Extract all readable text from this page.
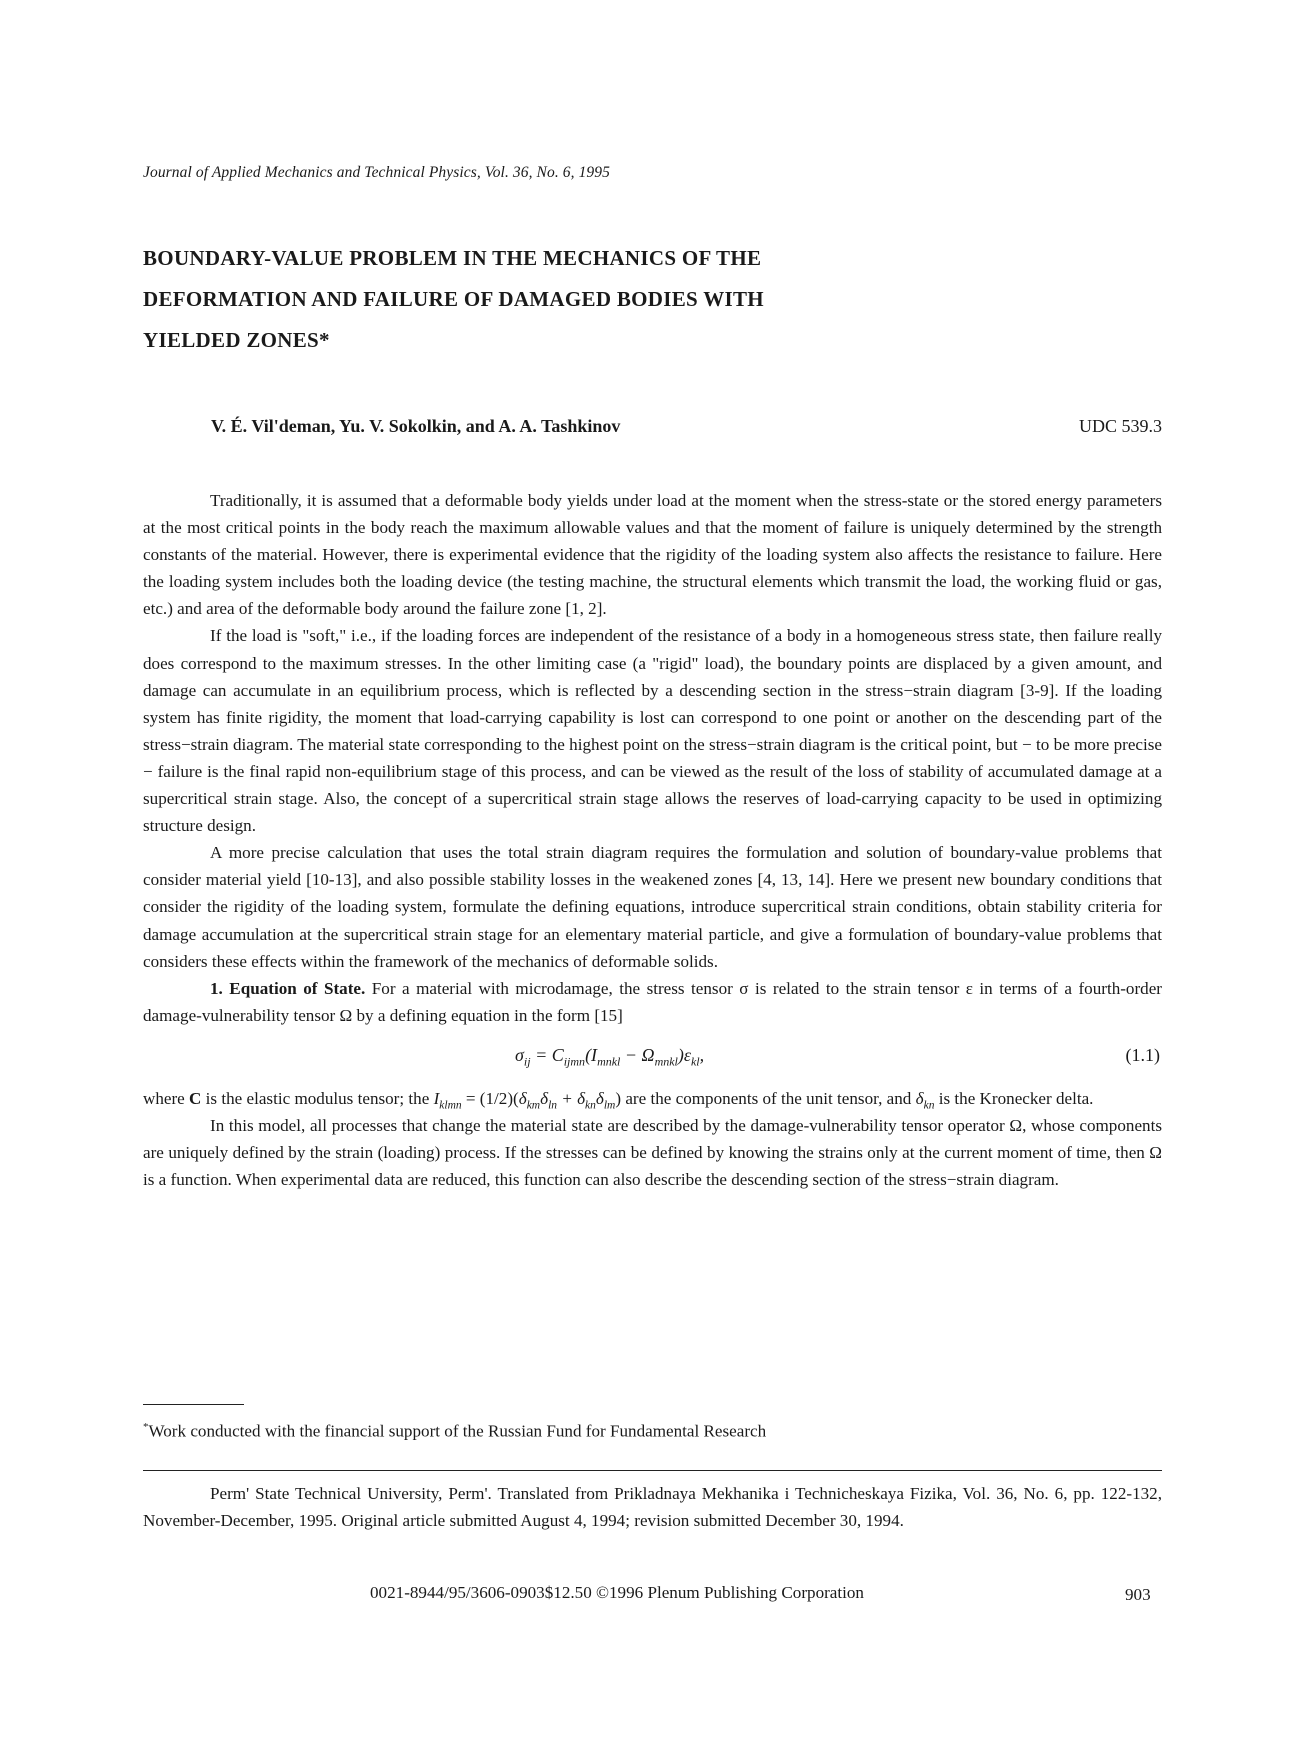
Journal of Applied Mechanics and Technical Physics, Vol. 36, No. 6, 1995
BOUNDARY-VALUE PROBLEM IN THE MECHANICS OF THE
DEFORMATION AND FAILURE OF DAMAGED BODIES WITH
YIELDED ZONES*
V. É. Vil'deman, Yu. V. Sokolkin, and A. A. Tashkinov	UDC 539.3

Traditionally, it is assumed that a deformable body yields under load at the moment when the stress-state or the stored energy parameters at the most critical points in the body reach the maximum allowable values and that the moment of failure is uniquely determined by the strength constants of the material. However, there is experimental evidence that the rigidity of the loading system also affects the resistance to failure. Here the loading system includes both the loading device (the testing machine, the structural elements which transmit the load, the working fluid or gas, etc.) and area of the deformable body around the failure zone [1, 2].

If the load is "soft," i.e., if the loading forces are independent of the resistance of a body in a homogeneous stress state, then failure really does correspond to the maximum stresses. In the other limiting case (a "rigid" load), the boundary points are displaced by a given amount, and damage can accumulate in an equilibrium process, which is reflected by a descending section in the stress−strain diagram [3-9]. If the loading system has finite rigidity, the moment that load-carrying capability is lost can correspond to one point or another on the descending part of the stress−strain diagram. The material state corresponding to the highest point on the stress−strain diagram is the critical point, but − to be more precise − failure is the final rapid non-equilibrium stage of this process, and can be viewed as the result of the loss of stability of accumulated damage at a supercritical strain stage. Also, the concept of a supercritical strain stage allows the reserves of load-carrying capacity to be used in optimizing structure design.

A more precise calculation that uses the total strain diagram requires the formulation and solution of boundary-value problems that consider material yield [10-13], and also possible stability losses in the weakened zones [4, 13, 14]. Here we present new boundary conditions that consider the rigidity of the loading system, formulate the defining equations, introduce supercritical strain conditions, obtain stability criteria for damage accumulation at the supercritical strain stage for an elementary material particle, and give a formulation of boundary-value problems that considers these effects within the framework of the mechanics of deformable solids.

1. Equation of State. For a material with microdamage, the stress tensor σ is related to the strain tensor ε in terms of a fourth-order damage-vulnerability tensor Ω by a defining equation in the form [15]

$\sigma_{ij} = C_{ijmn}(I_{mnkl} - \Omega_{mnkl})\varepsilon_{kl}$,	(1.1)

where C is the elastic modulus tensor; the $I_{klmn} = (1/2)(\delta_{km}\delta_{ln} + \delta_{kn}\delta_{lm})$ are the components of the unit tensor, and $\delta_{kn}$ is the Kronecker delta.

In this model, all processes that change the material state are described by the damage-vulnerability tensor operator Ω, whose components are uniquely defined by the strain (loading) process. If the stresses can be defined by knowing the strains only at the current moment of time, then Ω is a function. When experimental data are reduced, this function can also describe the descending section of the stress−strain diagram.

*Work conducted with the financial support of the Russian Fund for Fundamental Research
Perm' State Technical University, Perm'. Translated from Prikladnaya Mekhanika i Technicheskaya Fizika, Vol. 36, No. 6, pp. 122-132, November-December, 1995. Original article submitted August 4, 1994; revision submitted December 30, 1994.
0021-8944/95/3606-0903$12.50 ©1996 Plenum Publishing Corporation	903
